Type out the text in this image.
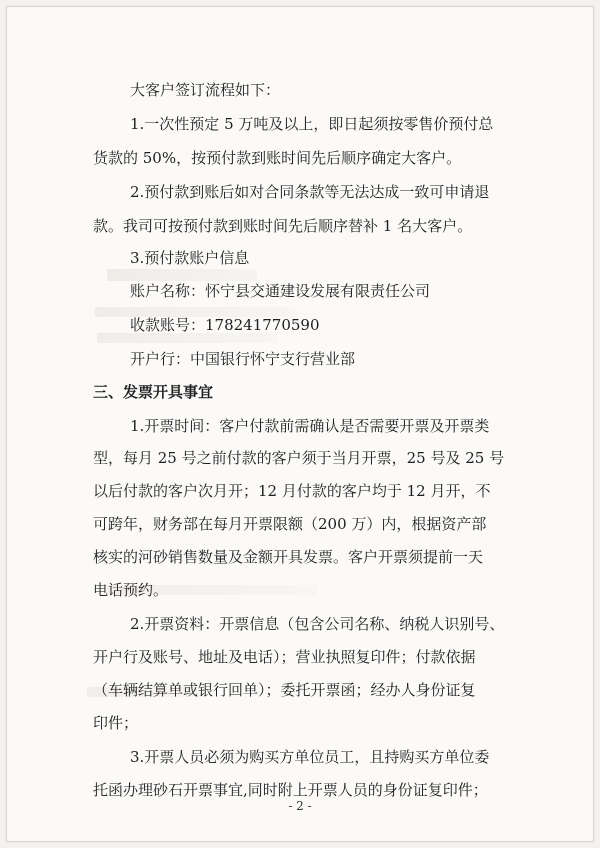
大客户签订流程如下：
1.一次性预定 5 万吨及以上，即日起须按零售价预付总
货款的 50%，按预付款到账时间先后顺序确定大客户。
2.预付款到账后如对合同条款等无法达成一致可申请退
款。我司可按预付款到账时间先后顺序替补 1 名大客户。
3.预付款账户信息
账户名称：怀宁县交通建设发展有限责任公司
收款账号：178241770590
开户行：中国银行怀宁支行营业部
三、发票开具事宜
1.开票时间：客户付款前需确认是否需要开票及开票类
型，每月 25 号之前付款的客户须于当月开票，25 号及 25 号
以后付款的客户次月开；12 月付款的客户均于 12 月开，不
可跨年，财务部在每月开票限额（200 万）内，根据资产部
核实的河砂销售数量及金额开具发票。客户开票须提前一天
电话预约。
2.开票资料：开票信息（包含公司名称、纳税人识别号、
开户行及账号、地址及电话）；营业执照复印件；付款依据
（车辆结算单或银行回单）；委托开票函；经办人身份证复
印件；
3.开票人员必须为购买方单位员工，且持购买方单位委
托函办理砂石开票事宜,同时附上开票人员的身份证复印件；
- 2 -
